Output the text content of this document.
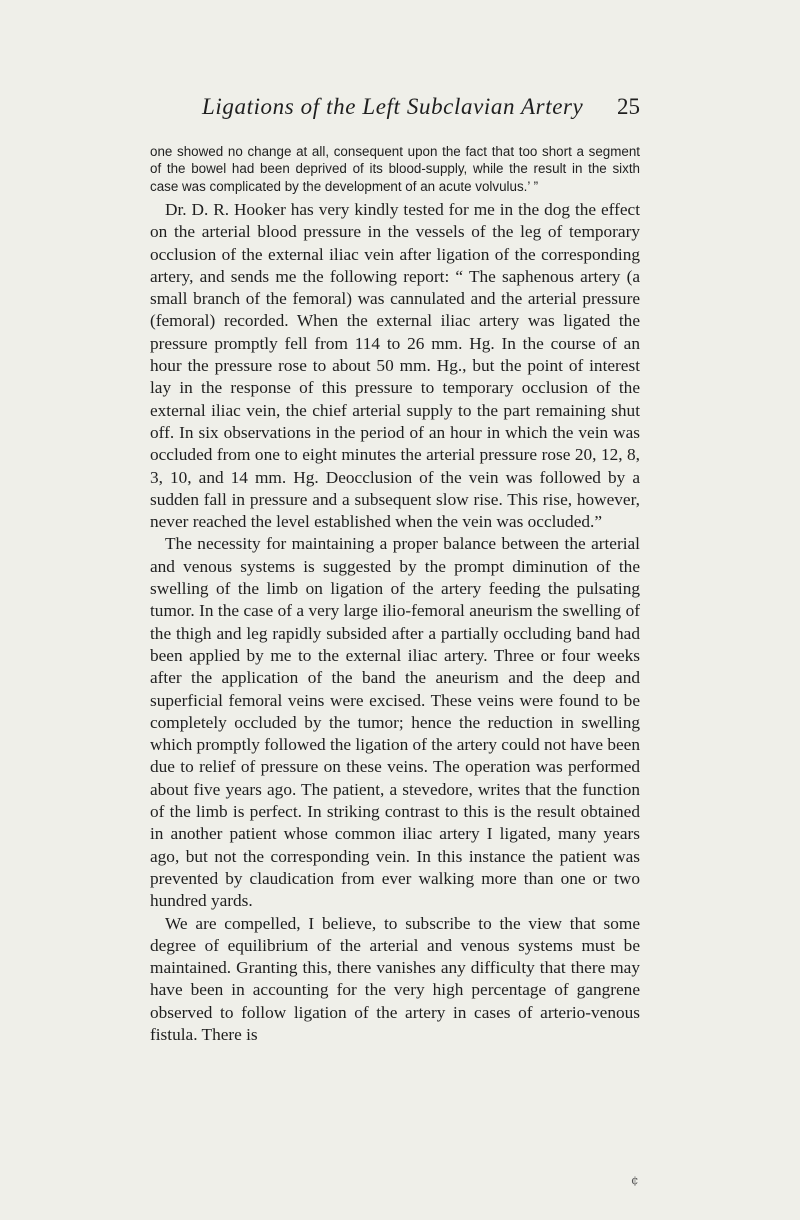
Ligations of the Left Subclavian Artery 25
one showed no change at all, consequent upon the fact that too short a segment of the bowel had been deprived of its blood-supply, while the result in the sixth case was complicated by the development of an acute volvulus.’ ”

Dr. D. R. Hooker has very kindly tested for me in the dog the effect on the arterial blood pressure in the vessels of the leg of temporary occlusion of the external iliac vein after ligation of the corresponding artery, and sends me the following report: “ The saphenous artery (a small branch of the femoral) was cannulated and the arterial pressure (femoral) recorded. When the external iliac artery was ligated the pressure promptly fell from 114 to 26 mm. Hg. In the course of an hour the pressure rose to about 50 mm. Hg., but the point of interest lay in the response of this pressure to temporary occlusion of the external iliac vein, the chief arterial supply to the part remaining shut off. In six observations in the period of an hour in which the vein was occluded from one to eight minutes the arterial pressure rose 20, 12, 8, 3, 10, and 14 mm. Hg. Deocclusion of the vein was followed by a sudden fall in pressure and a subsequent slow rise. This rise, however, never reached the level established when the vein was occluded.”

The necessity for maintaining a proper balance between the arterial and venous systems is suggested by the prompt diminution of the swelling of the limb on ligation of the artery feeding the pulsating tumor. In the case of a very large ilio-femoral aneurism the swelling of the thigh and leg rapidly subsided after a partially occluding band had been applied by me to the external iliac artery. Three or four weeks after the application of the band the aneurism and the deep and superficial femoral veins were excised. These veins were found to be completely occluded by the tumor; hence the reduction in swelling which promptly followed the ligation of the artery could not have been due to relief of pressure on these veins. The operation was performed about five years ago. The patient, a stevedore, writes that the function of the limb is perfect. In striking contrast to this is the result obtained in another patient whose common iliac artery I ligated, many years ago, but not the corresponding vein. In this instance the patient was prevented by claudication from ever walking more than one or two hundred yards.

We are compelled, I believe, to subscribe to the view that some degree of equilibrium of the arterial and venous systems must be maintained. Granting this, there vanishes any difficulty that there may have been in accounting for the very high percentage of gangrene observed to follow ligation of the artery in cases of arterio-venous fistula. There is

¢
